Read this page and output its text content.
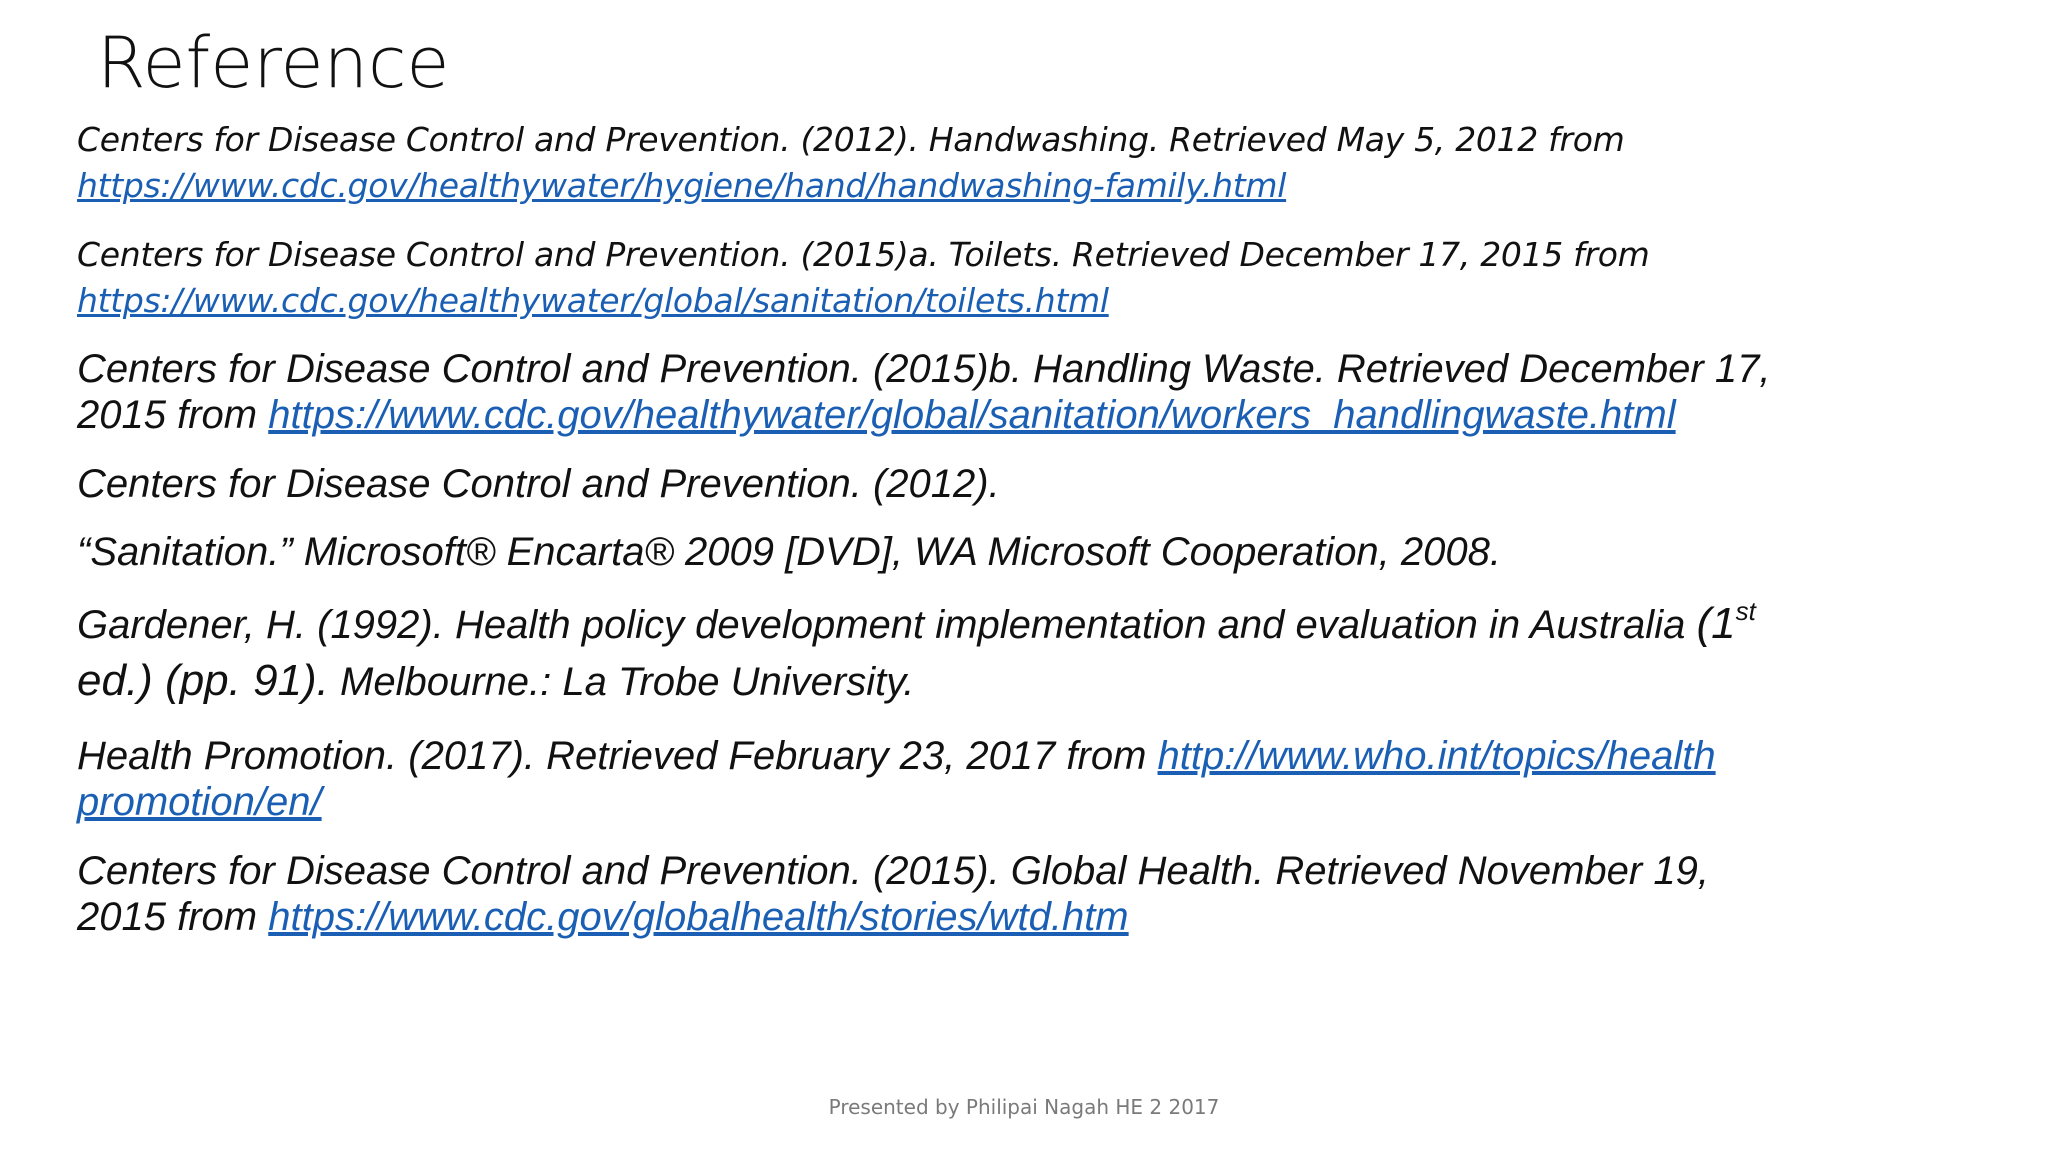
Reference
Centers for Disease Control and Prevention. (2012). Handwashing. Retrieved May 5, 2012 from
https://www.cdc.gov/healthywater/hygiene/hand/handwashing-family.html
Centers for Disease Control and Prevention. (2015)a. Toilets. Retrieved December 17, 2015 from
https://www.cdc.gov/healthywater/global/sanitation/toilets.html
Centers for Disease Control and Prevention. (2015)b. Handling Waste. Retrieved December 17,
2015 from https://www.cdc.gov/healthywater/global/sanitation/workers_handlingwaste.html
Centers for Disease Control and Prevention. (2012).
“Sanitation.” Microsoft® Encarta® 2009 [DVD], WA Microsoft Cooperation, 2008.
Gardener, H. (1992). Health policy development implementation and evaluation in Australia (1st
ed.) (pp. 91). Melbourne.: La Trobe University.
Health Promotion. (2017). Retrieved February 23, 2017 from http://www.who.int/topics/health
promotion/en/
Centers for Disease Control and Prevention. (2015). Global Health. Retrieved November 19,
2015 from https://www.cdc.gov/globalhealth/stories/wtd.htm
Presented by Philipai Nagah HE 2 2017
